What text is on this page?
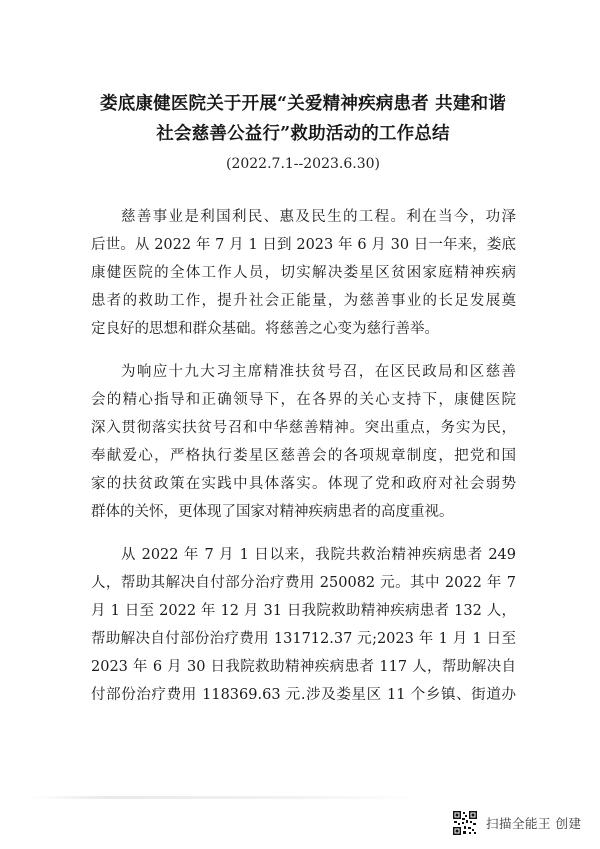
娄底康健医院关于开展“关爱精神疾病患者 共建和谐
社会慈善公益行”救助活动的工作总结
(2022.7.1--2023.6.30)
慈善事业是利国利民、惠及民生的工程。利在当今，功泽
后世。从 2022 年 7 月 1 日到 2023 年 6 月 30 日一年来，娄底
康健医院的全体工作人员，切实解决娄星区贫困家庭精神疾病
患者的救助工作，提升社会正能量，为慈善事业的长足发展奠
定良好的思想和群众基础。将慈善之心变为慈行善举。
为响应十九大习主席精准扶贫号召，在区民政局和区慈善
会的精心指导和正确领导下，在各界的关心支持下，康健医院
深入贯彻落实扶贫号召和中华慈善精神。突出重点，务实为民，
奉献爱心，严格执行娄星区慈善会的各项规章制度，把党和国
家的扶贫政策在实践中具体落实。体现了党和政府对社会弱势
群体的关怀，更体现了国家对精神疾病患者的高度重视。
从 2022 年 7 月 1 日以来，我院共救治精神疾病患者 249
人，帮助其解决自付部分治疗费用 250082 元。其中 2022 年 7
月 1 日至 2022 年 12 月 31 日我院救助精神疾病患者 132 人，
帮助解决自付部份治疗费用 131712.37 元;2023 年 1 月 1 日至
2023 年 6 月 30 日我院救助精神疾病患者 117 人，帮助解决自
付部份治疗费用 118369.63 元.涉及娄星区 11 个乡镇、街道办
扫描全能王 创建
